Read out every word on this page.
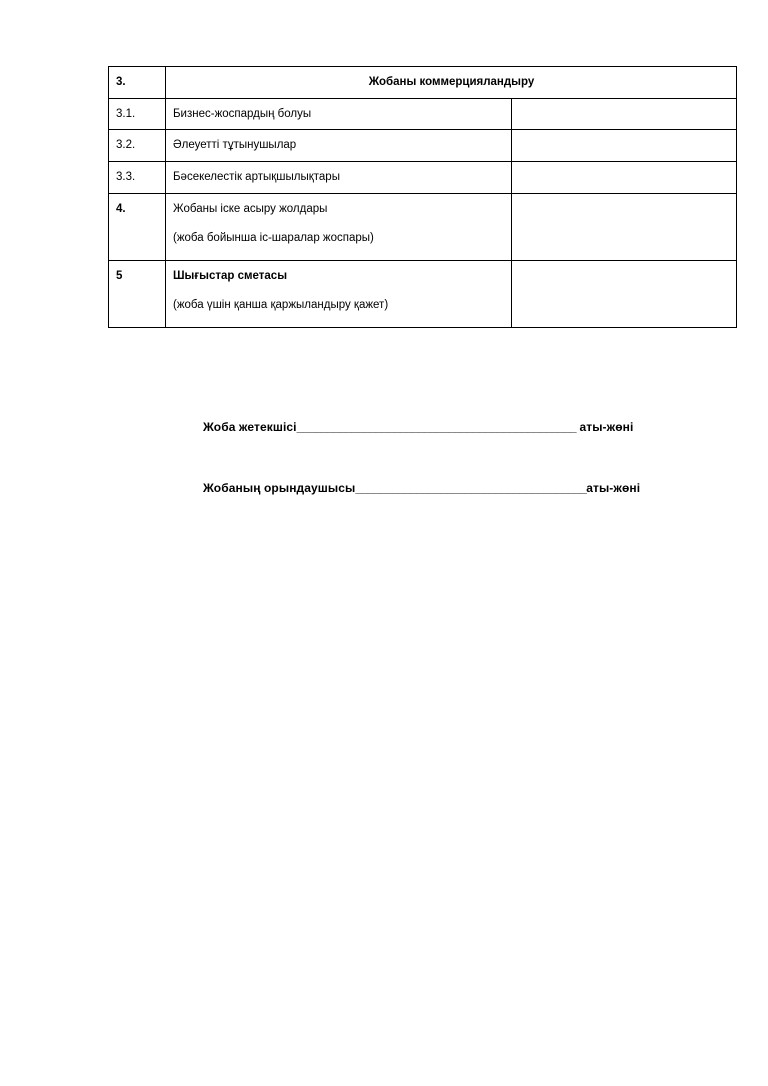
3.	Жобаны коммерцияландыру	
3.1.	Бизнес-жоспардың болуы	
3.2.	Әлеуетті тұтынушылар	
3.3.	Бәсекелестік артықшылықтары	
4.	Жобаны іске асыру жолдары

(жоба бойынша іс-шаралар жоспары)	

5	Шығыстар сметасы

(жоба үшін қанша қаржыландыру қажет)	

Жоба жетекшісі______________________________________________ аты-жөні
Жобаның орындаушысы______________________________________аты-жөні
